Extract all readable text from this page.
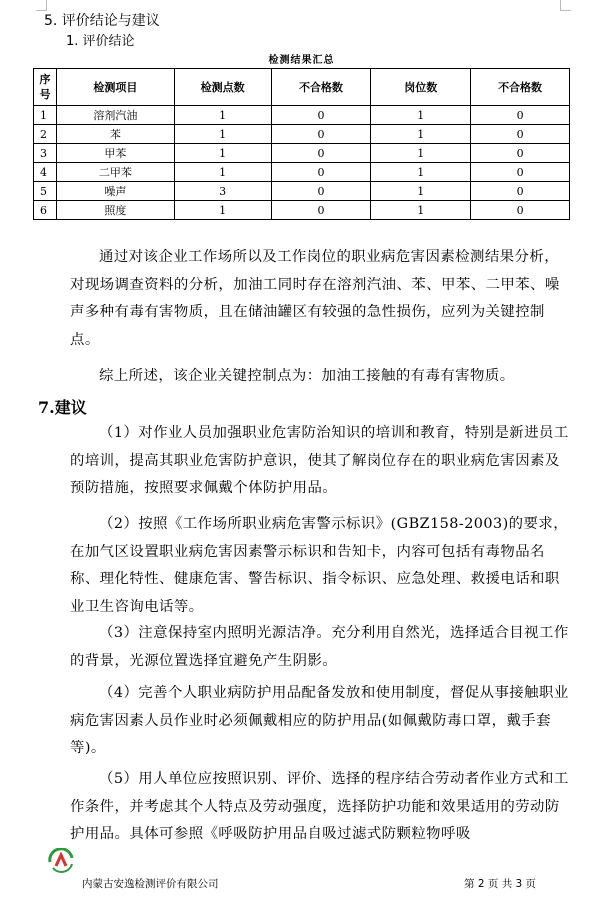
5. 评价结论与建议
1. 评价结论
检测结果汇总
序号	检测项目	检测点数	不合格数	岗位数	不合格数
1	溶剂汽油	1	0	1	0
2	苯	1	0	1	0
3	甲苯	1	0	1	0
4	二甲苯	1	0	1	0
5	噪声	3	0	1	0
6	照度	1	0	1	0

通过对该企业工作场所以及工作岗位的职业病危害因素检测结果分析，对现场调查资料的分析，加油工同时存在溶剂汽油、苯、甲苯、二甲苯、噪声多种有毒有害物质，且在储油罐区有较强的急性损伤，应列为关键控制点。

综上所述，该企业关键控制点为：加油工接触的有毒有害物质。

7.建议

（1）对作业人员加强职业危害防治知识的培训和教育，特别是新进员工的培训，提高其职业危害防护意识，使其了解岗位存在的职业病危害因素及预防措施，按照要求佩戴个体防护用品。

（2）按照《工作场所职业病危害警示标识》(GBZ158-2003)的要求，在加气区设置职业病危害因素警示标识和告知卡，内容可包括有毒物品名称、理化特性、健康危害、警告标识、指令标识、应急处理、救援电话和职业卫生咨询电话等。

（3）注意保持室内照明光源洁净。充分利用自然光，选择适合目视工作的背景，光源位置选择宜避免产生阴影。

（4）完善个人职业病防护用品配备发放和使用制度，督促从事接触职业病危害因素人员作业时必须佩戴相应的防护用品(如佩戴防毒口罩，戴手套等)。

（5）用人单位应按照识别、评价、选择的程序结合劳动者作业方式和工作条件，并考虑其个人特点及劳动强度，选择防护功能和效果适用的劳动防护用品。具体可参照《呼吸防护用品自吸过滤式防颗粒物呼吸

内蒙古安逸检测评价有限公司	第 2 页 共 3 页
